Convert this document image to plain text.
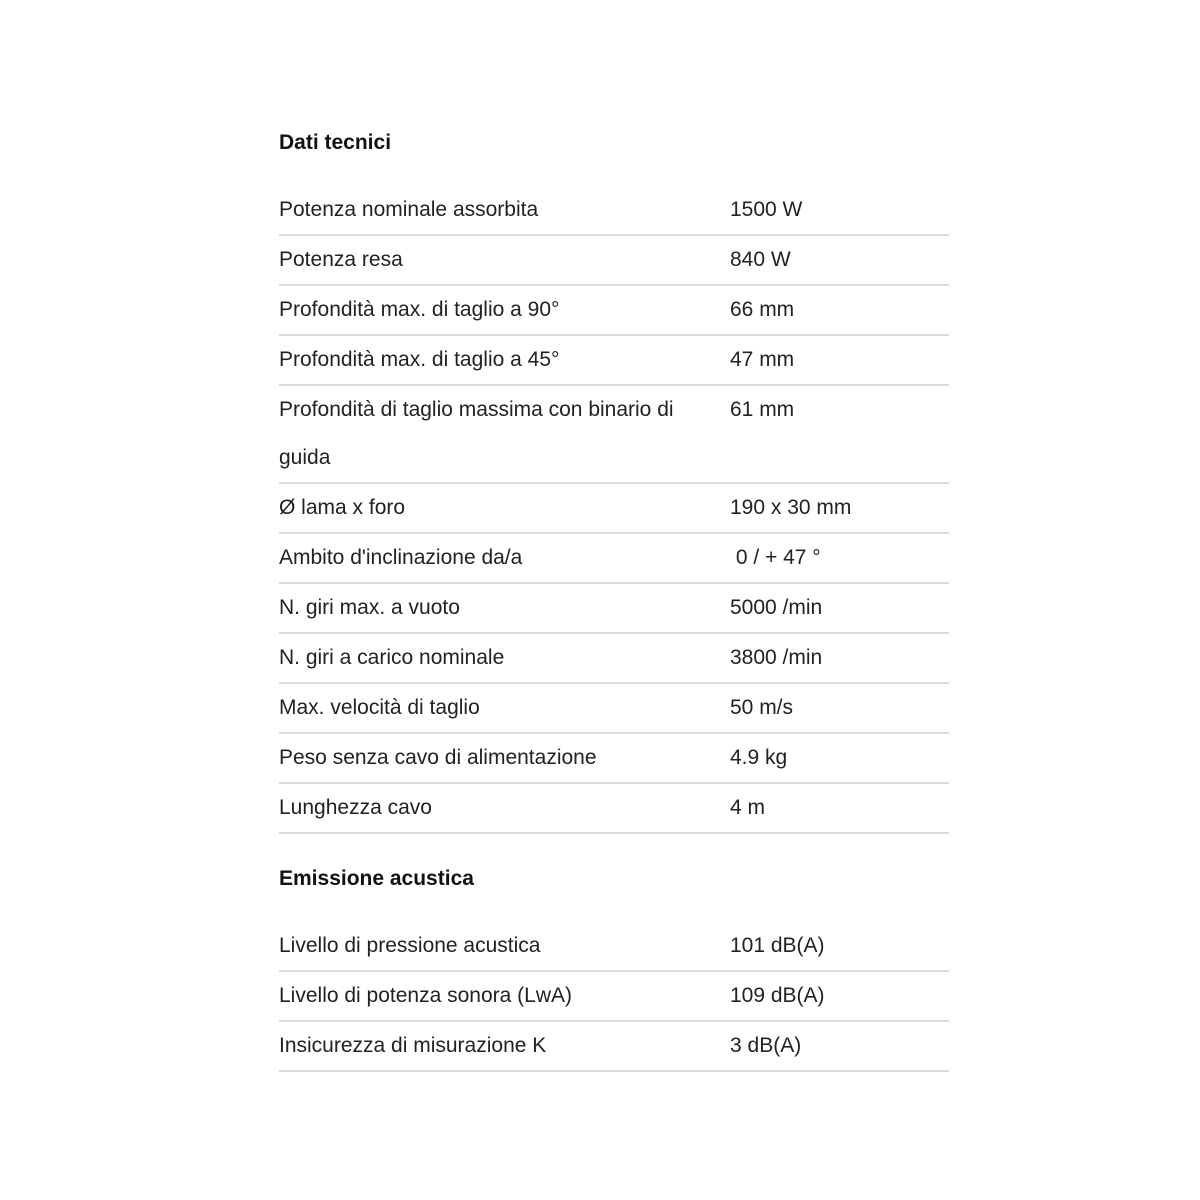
Dati tecnici
Potenza nominale assorbita	1500 W
Potenza resa	840 W
Profondità max. di taglio a 90°	66 mm
Profondità max. di taglio a 45°	47 mm
Profondità di taglio massima con binario di guida	61 mm
Ø lama x foro	190 x 30 mm
Ambito d'inclinazione da/a	0 / + 47 °
N. giri max. a vuoto	5000 /min
N. giri a carico nominale	3800 /min
Max. velocità di taglio	50 m/s
Peso senza cavo di alimentazione	4.9 kg
Lunghezza cavo	4 m
Emissione acustica
Livello di pressione acustica	101 dB(A)
Livello di potenza sonora (LwA)	109 dB(A)
Insicurezza di misurazione K	3 dB(A)
